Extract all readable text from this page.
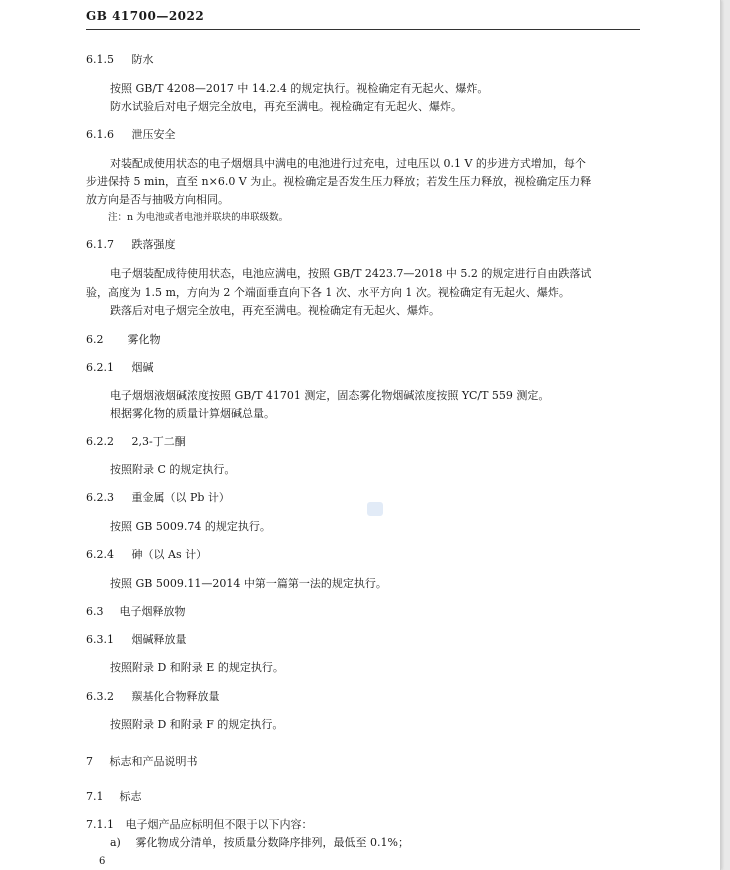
GB 41700—2022
6.1.5 防水
按照 GB/T 4208—2017 中 14.2.4 的规定执行。视检确定有无起火、爆炸。
防水试验后对电子烟完全放电，再充至满电。视检确定有无起火、爆炸。
6.1.6 泄压安全
对装配成使用状态的电子烟烟具中满电的电池进行过充电，过电压以 0.1 V 的步进方式增加，每个
步进保持 5 min，直至 n×6.0 V 为止。视检确定是否发生压力释放；若发生压力释放，视检确定压力释
放方向是否与抽吸方向相同。
注：n 为电池或者电池并联块的串联级数。
6.1.7 跌落强度
电子烟装配成待使用状态，电池应满电，按照 GB/T 2423.7—2018 中 5.2 的规定进行自由跌落试
验，高度为 1.5 m，方向为 2 个端面垂直向下各 1 次、水平方向 1 次。视检确定有无起火、爆炸。
跌落后对电子烟完全放电，再充至满电。视检确定有无起火、爆炸。
6.2 雾化物
6.2.1 烟碱
电子烟烟液烟碱浓度按照 GB/T 41701 测定，固态雾化物烟碱浓度按照 YC/T 559 测定。
根据雾化物的质量计算烟碱总量。
6.2.2 2,3-丁二酮
按照附录 C 的规定执行。
6.2.3 重金属（以 Pb 计）
按照 GB 5009.74 的规定执行。
6.2.4 砷（以 As 计）
按照 GB 5009.11—2014 中第一篇第一法的规定执行。
6.3 电子烟释放物
6.3.1 烟碱释放量
按照附录 D 和附录 E 的规定执行。
6.3.2 羰基化合物释放量
按照附录 D 和附录 F 的规定执行。
7 标志和产品说明书
7.1 标志
7.1.1 电子烟产品应标明但不限于以下内容：
a) 雾化物成分清单，按质量分数降序排列，最低至 0.1%；
6
